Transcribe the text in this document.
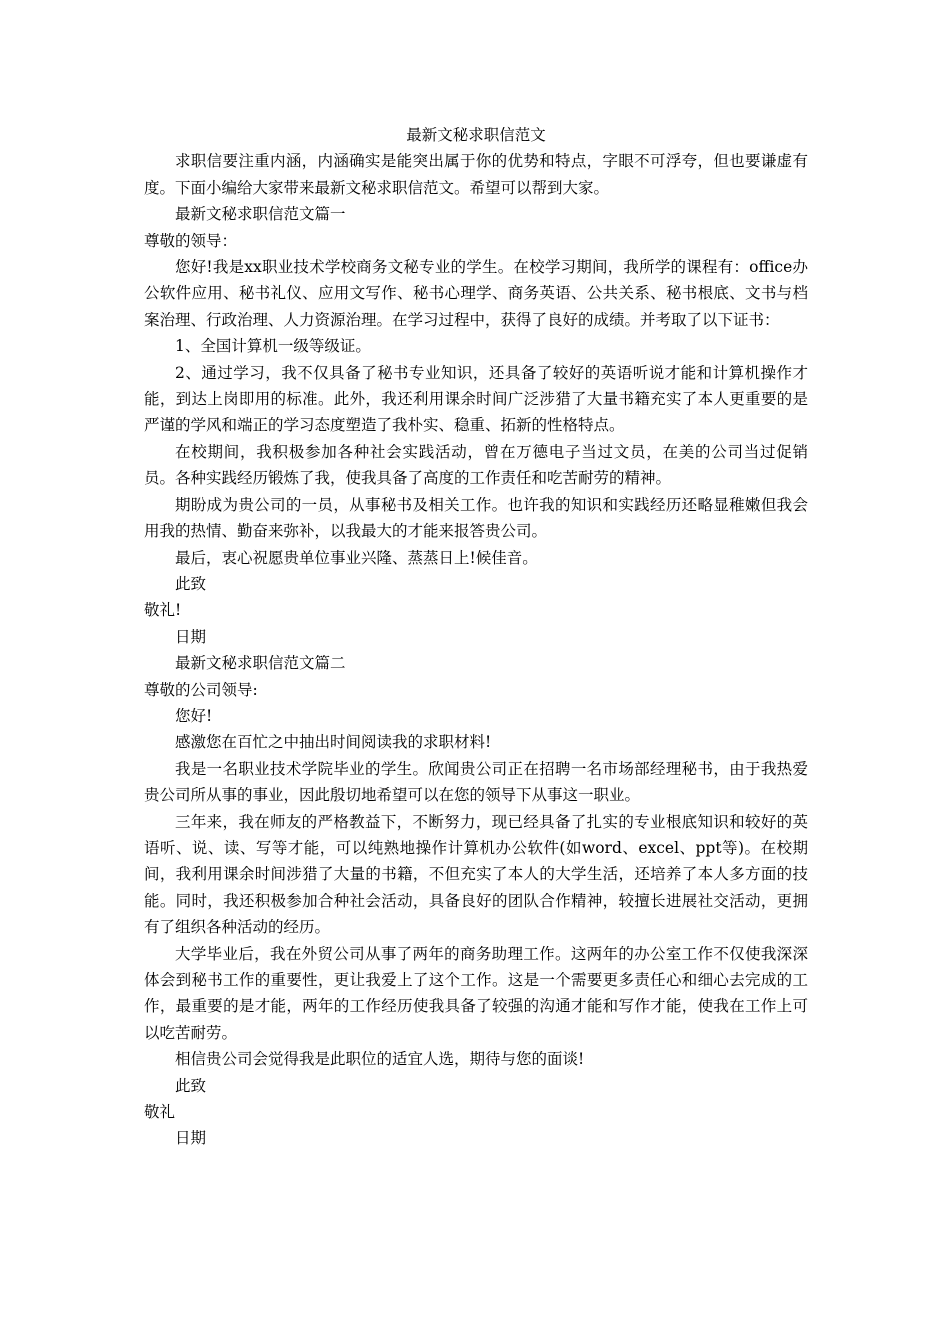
最新文秘求职信范文

求职信要注重内涵，内涵确实是能突出属于你的优势和特点，字眼不可浮夸，但也要谦虚有度。下面小编给大家带来最新文秘求职信范文。希望可以帮到大家。

最新文秘求职信范文篇一

尊敬的领导：

您好!我是xx职业技术学校商务文秘专业的学生。在校学习期间，我所学的课程有：office办公软件应用、秘书礼仪、应用文写作、秘书心理学、商务英语、公共关系、秘书根底、文书与档案治理、行政治理、人力资源治理。在学习过程中，获得了良好的成绩。并考取了以下证书：

1、全国计算机一级等级证。

2、通过学习，我不仅具备了秘书专业知识，还具备了较好的英语听说才能和计算机操作才能，到达上岗即用的标准。此外，我还利用课余时间广泛涉猎了大量书籍充实了本人更重要的是严谨的学风和端正的学习态度塑造了我朴实、稳重、拓新的性格特点。

在校期间，我积极参加各种社会实践活动，曾在万德电子当过文员，在美的公司当过促销员。各种实践经历锻炼了我，使我具备了高度的工作责任和吃苦耐劳的精神。

期盼成为贵公司的一员，从事秘书及相关工作。也许我的知识和实践经历还略显稚嫩但我会用我的热情、勤奋来弥补，以我最大的才能来报答贵公司。

最后，衷心祝愿贵单位事业兴隆、蒸蒸日上!候佳音。

此致

敬礼!

日期

最新文秘求职信范文篇二

尊敬的公司领导:

您好!

感激您在百忙之中抽出时间阅读我的求职材料!

我是一名职业技术学院毕业的学生。欣闻贵公司正在招聘一名市场部经理秘书，由于我热爱贵公司所从事的事业，因此殷切地希望可以在您的领导下从事这一职业。

三年来，我在师友的严格教益下，不断努力，现已经具备了扎实的专业根底知识和较好的英语听、说、读、写等才能，可以纯熟地操作计算机办公软件(如word、excel、ppt等)。在校期间，我利用课余时间涉猎了大量的书籍，不但充实了本人的大学生活，还培养了本人多方面的技能。同时，我还积极参加合种社会活动，具备良好的团队合作精神，较擅长进展社交活动，更拥有了组织各种活动的经历。

大学毕业后，我在外贸公司从事了两年的商务助理工作。这两年的办公室工作不仅使我深深体会到秘书工作的重要性，更让我爱上了这个工作。这是一个需要更多责任心和细心去完成的工作，最重要的是才能，两年的工作经历使我具备了较强的沟通才能和写作才能，使我在工作上可以吃苦耐劳。

相信贵公司会觉得我是此职位的适宜人选，期待与您的面谈!

此致

敬礼

日期
